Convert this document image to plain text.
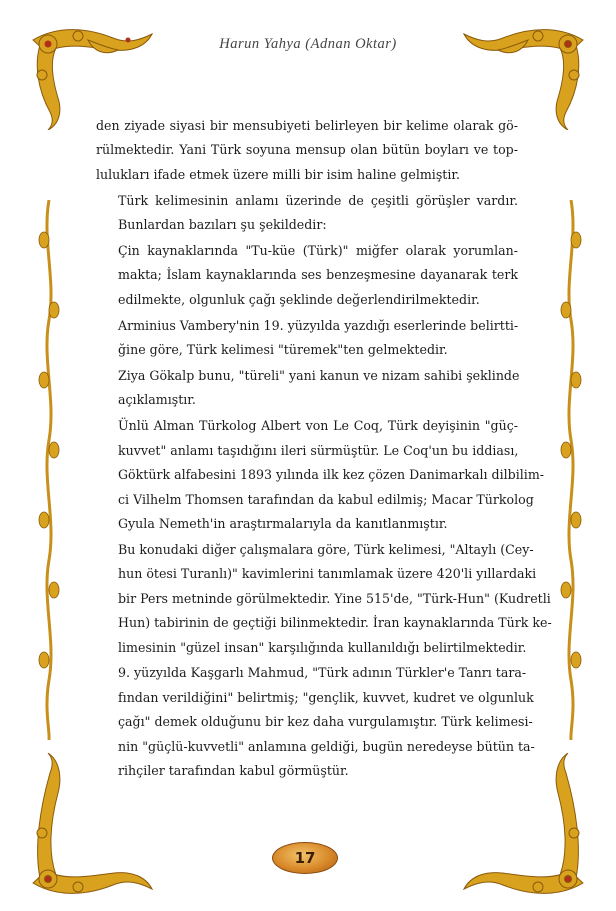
Harun Yahya (Adnan Oktar)

den ziyade siyasi bir mensubiyeti belirleyen bir kelime olarak gö-
rülmektedir. Yani Türk soyuna mensup olan bütün boyları ve top-
lulukları ifade etmek üzere milli bir isim haline gelmiştir.

Türk kelimesinin anlamı üzerinde de çeşitli görüşler vardır.
Bunlardan bazıları şu şekildedir:

Çin kaynaklarında "Tu-küe (Türk)" miğfer olarak yorumlan-
makta; İslam kaynaklarında ses benzeşmesine dayanarak terk
edilmekte, olgunluk çağı şeklinde değerlendirilmektedir.

Arminius Vambery'nin 19. yüzyılda yazdığı eserlerinde belirtti-
ğine göre, Türk kelimesi "türemek"ten gelmektedir.

Ziya Gökalp bunu, "türeli" yani kanun ve nizam sahibi şeklinde
açıklamıştır.

Ünlü Alman Türkolog Albert von Le Coq, Türk deyişinin "güç-
kuvvet" anlamı taşıdığını ileri sürmüştür. Le Coq'un bu iddiası,
Göktürk alfabesini 1893 yılında ilk kez çözen Danimarkalı dilbilim-
ci Vilhelm Thomsen tarafından da kabul edilmiş; Macar Türkolog
Gyula Nemeth'in araştırmalarıyla da kanıtlanmıştır.

Bu konudaki diğer çalışmalara göre, Türk kelimesi, "Altaylı (Cey-
hun ötesi Turanlı)" kavimlerini tanımlamak üzere 420'li yıllardaki
bir Pers metninde görülmektedir. Yine 515'de, "Türk-Hun" (Kudretli
Hun) tabirinin de geçtiği bilinmektedir. İran kaynaklarında Türk ke-
limesinin "güzel insan" karşılığında kullanıldığı belirtilmektedir.

9. yüzyılda Kaşgarlı Mahmud, "Türk adının Türkler'e Tanrı tara-
fından verildiğini" belirtmiş; "gençlik, kuvvet, kudret ve olgunluk
çağı" demek olduğunu bir kez daha vurgulamıştır. Türk kelimesi-
nin "güçlü-kuvvetli" anlamına geldiği, bugün neredeyse bütün ta-
rihçiler tarafından kabul görmüştür.

17
